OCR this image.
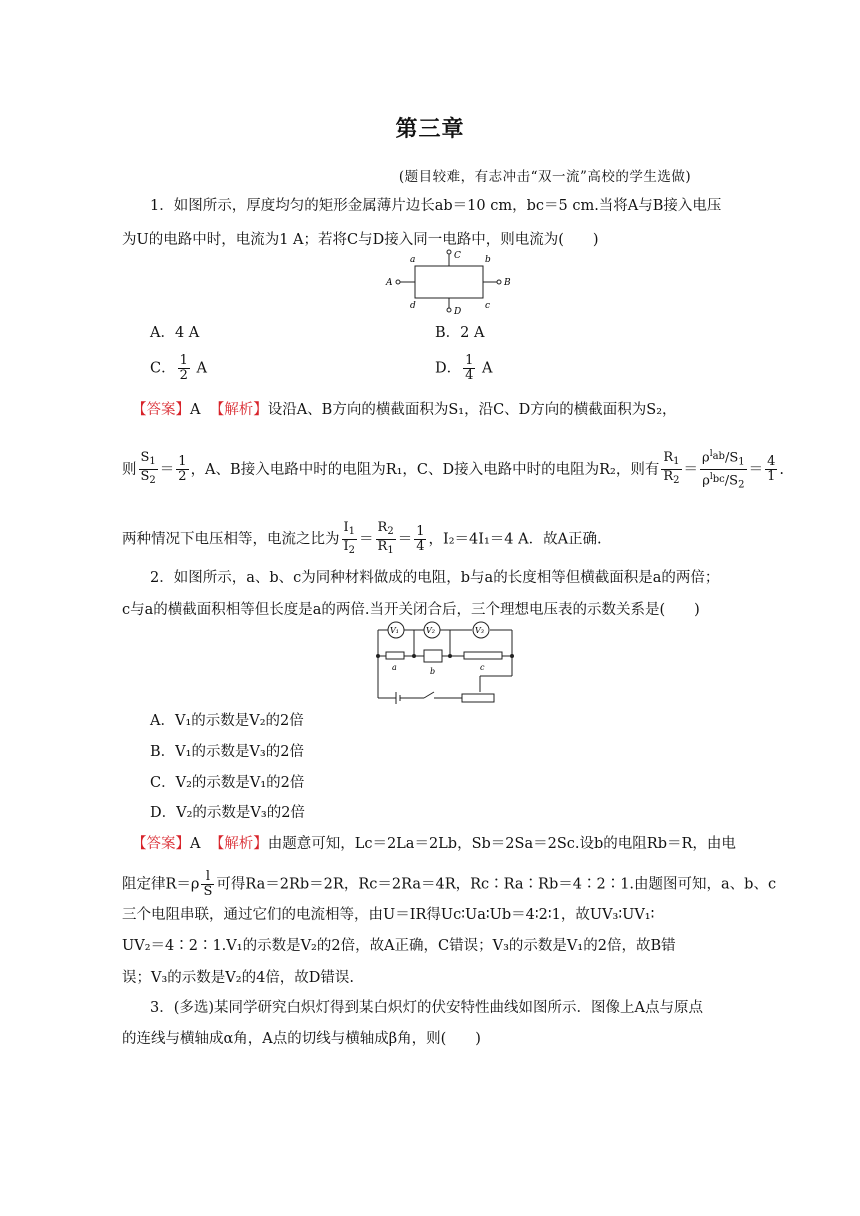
第三章
(题目较难，有志冲击“双一流”高校的学生选做)
1．如图所示，厚度均匀的矩形金属薄片边长ab＝10 cm，bc＝5 cm.当将A与B接入电压
为U的电路中时，电流为1 A；若将C与D接入同一电路中，则电流为(　　)
a	C	b
A	B
d
D
c
A．4 A	B．2 A
C． $\frac{1}{2}$ A	D． $\frac{1}{4}$ A
【答案】A 【解析】设沿A、B方向的横截面积为S₁，沿C、D方向的横截面积为S₂，
则 $\frac{S_1}{S_2} = \frac{1}{2}$ ，A、B接入电路中时的电阻为R₁，C、D接入电路中时的电阻为R₂，则有 $\frac{R_1}{R_2} = \frac{\rho^{l_{ab}}/S_1}{\rho^{l_{bc}}/S_2} = \frac{4}{1}$ .
两种情况下电压相等，电流之比为 $\frac{I_1}{I_2} = \frac{R_2}{R_1} = \frac{1}{4}$ ，I₂＝4I₁＝4 A．故A正确.
2．如图所示，a、b、c为同种材料做成的电阻，b与a的长度相等但横截面积是a的两倍；
c与a的横截面积相等但长度是a的两倍.当开关闭合后，三个理想电压表的示数关系是(　　)
V₁	V₂	V₃
a	b	c
A．V₁的示数是V₂的2倍
B．V₁的示数是V₃的2倍
C．V₂的示数是V₁的2倍
D．V₂的示数是V₃的2倍
【答案】A 【解析】由题意可知，Lc＝2La＝2Lb，Sb＝2Sa＝2Sc.设b的电阻Rb＝R，由电
阻定律$R=\rho \frac{l}{S}$ 可得Ra＝2Rb＝2R，Rc＝2Ra＝4R，Rc∶Ra∶Rb＝4∶2∶1.由题图可知，a、b、c
三个电阻串联，通过它们的电流相等，由U＝IR得Uc∶Ua∶Ub＝4∶2∶1，故UV₃∶UV₁∶
UV₂＝4∶2∶1.V₁的示数是V₂的2倍，故A正确，C错误；V₃的示数是V₁的2倍，故B错
误；V₃的示数是V₂的4倍，故D错误.
3．(多选)某同学研究白炽灯得到某白炽灯的伏安特性曲线如图所示．图像上A点与原点
的连线与横轴成α角，A点的切线与横轴成β角，则(　　)
